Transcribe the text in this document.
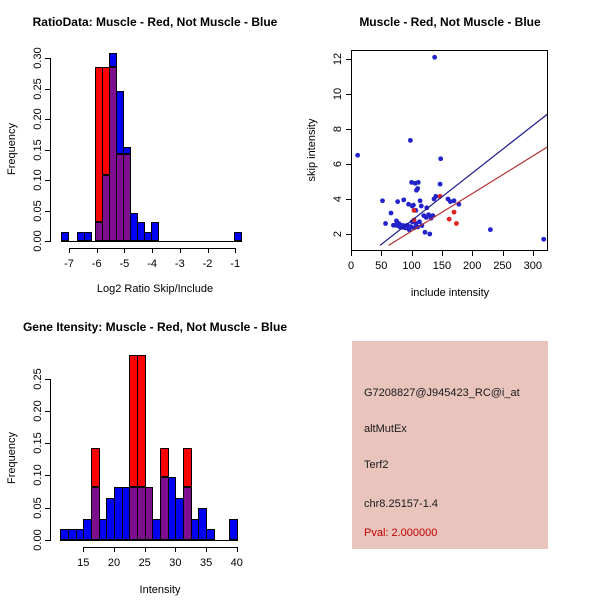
RatioData: Muscle - Red, Not Muscle - Blue	Muscle - Red, Not Muscle - Blue
Gene Itensity: Muscle - Red, Not Muscle - Blue
Log2 Ratio Skip/Include
Frequency
include intensity
skip intensity
Intensity
Frequency
-7	-6	-5	-4	-3	-2	-1
0.00
0.05
0.10
0.15
0.20
0.25
0.30
15	20	25	30	35	40
0.00
0.05
0.10
0.15
0.20
0.25
0	50	100	150	200	250	300
2
4
6
8
10
12
G7208827@J945423_RC@i_at
altMutEx
Terf2
chr8.25157-1.4
Pval: 2.000000
